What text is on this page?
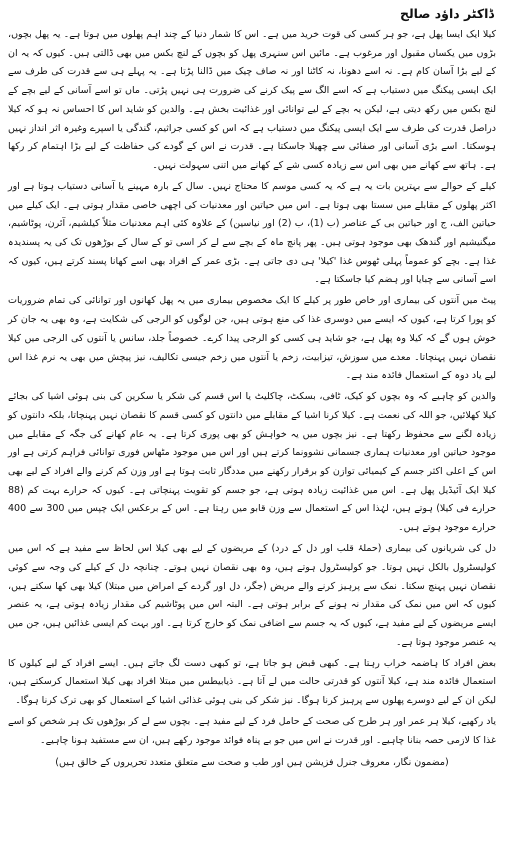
ڈاکٹر داؤد صالح

کیلا ایک ایسا پھل ہے، جو ہر کسی کی قوت خرید میں ہے۔ اس کا شمار دنیا کے چند اہم پھلوں میں ہوتا ہے۔ یہ پھل بچوں، بڑوں میں یکساں مقبول اور مرغوب ہے۔ مائیں اس سنہری پھل کو بچوں کے لنچ بکس میں بھی ڈالتی ہیں۔ کیوں کہ یہ ان کے لیے بڑا آسان کام ہے۔ نہ اسے دھونا، نہ کاٹنا اور نہ صاف چیک میں ڈالنا پڑتا ہے۔ یہ پہلے ہی سے قدرت کی طرف سے ایک ایسی پیکنگ میں دستیاب ہے کہ اسے الگ سے پیک کرنے کی ضرورت ہی نہیں پڑتی۔ ماں تو اسے آسانی کے لیے بچے کے لنچ بکس میں رکھ دیتی ہے، لیکن یہ بچے کے لیے توانائی اور غذائیت بخش ہے۔ والدین کو شاید اس کا احساس نہ ہو کہ کیلا دراصل قدرت کی طرف سے ایک ایسی پیکنگ میں دستیاب ہے کہ اس کو کسی جراثیم، گندگی یا اسپرے وغیرہ اثر انداز نہیں ہوسکتا۔ اسے بڑی آسانی اور صفائی سے چھیلا جاسکتا ہے۔ قدرت نے اس کے گودے کی حفاظت کے لیے بڑا اہتمام کر رکھا ہے۔ ہاتھ سے کھانے میں بھی اس سے زیادہ کسی شے کے کھانے میں اتنی سہولت نہیں۔

کیلے کے حوالے سے بہترین بات یہ ہے کہ یہ کسی موسم کا محتاج نہیں۔ سال کے بارہ مہینے یا آسانی دستیاب ہوتا ہے اور اکثر پھلوں کے مقابلے میں سستا بھی ہوتا ہے۔ اس میں حیاتین اور معدنیات کی اچھی خاصی مقدار ہوتی ہے۔ ایک کیلے میں حیاتین الف، ج اور حیاتین بی کے عناصر (ب (1)، ب (2) اور نیاسین) کے علاوہ کئی اہم معدنیات مثلاً کیلشیم، آئرن، پوٹاشیم، میگنیشیم اور گندھک بھی موجود ہوتی ہیں۔ پھر پانچ ماہ کے بچے سے لے کر اسی تو کے سال کے بوڑھوں تک کی یہ پسندیدہ غذا ہے۔ بچے کو عموماً پہلی ٹھوس غذا 'کیلا' ہی دی جاتی ہے۔ بڑی عمر کے افراد بھی اسے کھانا پسند کرتے ہیں، کیوں کہ اسے آسانی سے چبایا اور ہضم کیا جاسکتا ہے۔

پیٹ میں آنتوں کی بیماری اور خاص طور پر کیلے کا ایک مخصوص بیماری میں یہ پھل کھانوں اور توانائی کی تمام ضروریات کو پورا کرتا ہے، کیوں کہ ایسے میں دوسری غذا کی منع ہوتی ہیں، جن لوگوں کو الرجی کی شکایت ہے، وہ بھی یہ جان کر خوش ہوں گے کہ کیلا وہ پھل ہے، جو شاید ہی کسی کو الرجی پیدا کرے۔ خصوصاً جلد، سانس یا آنتوں کی الرجی میں کیلا نقصان نہیں پہنچاتا۔ معدے میں سوزش، تیزابیت، زخم یا آنتوں میں زخم جیسی تکالیف، نیز پیچش میں بھی یہ نرم غذا اس لیے یاد دوہ کے استعمال فائدہ مند ہے۔

والدین کو چاہیے کہ وہ بچوں کو کیک، ٹافی، بسکٹ، چاکلیٹ یا اس قسم کی شکر یا سکرین کی بنی ہوئی اشیا کی بجائے کیلا کھلائیں، جو اللہ کی نعمت ہے۔ کیلا کرنا اشیا کے مقابلے میں دانتوں کو کسی قسم کا نقصان نہیں پہنچاتا، بلکہ دانتوں کو زیادہ لگنے سے محفوظ رکھتا ہے۔ نیز بچوں میں یہ خواہش کو بھی پوری کرتا ہے۔ یہ عام کھانے کی جگہ کے مقابلے میں موجود حیاتین اور معدنیات ہماری جسمانی نشوونما کرتے ہیں اور اس میں موجود مٹھاس فوری توانائی فراہم کرتی ہے اور اس کے اعلی اکثر جسم کے کیمیائی توازن کو برقرار رکھنے میں مددگار ثابت ہوتا ہے اور وزن کم کرنے والے افراد کے لیے بھی کیلا ایک آئیڈیل پھل ہے۔ اس میں غذائیت زیادہ ہوتی ہے، جو جسم کو تقویت پہنچاتی ہے۔ کیوں کہ حرارے بہت کم (88 حرارے فی کیلا) ہوتے ہیں، لہٰذا اس کے استعمال سے وزن قابو میں رہتا ہے۔ اس کے برعکس ایک چپس میں 300 سے 400 حرارے موجود ہوتے ہیں۔

دل کی شریانوں کی بیماری (حملۂ قلب اور دل کے درد) کے مریضوں کے لیے بھی کیلا اس لحاظ سے مفید ہے کہ اس میں کولیسٹرول بالکل نہیں ہوتا۔ جو کولیسٹرول ہوتے ہیں، وہ بھی نقصان نہیں ہوتے۔ چنانچہ دل کے کیلے کی وجہ سے کوئی نقصان نہیں پہنچ سکتا۔ نمک سے پرہیز کرنے والے مریض (جگر، دل اور گردے کے امراض میں مبتلا) کیلا بھی کھا سکتے ہیں، کیوں کہ اس میں نمک کی مقدار نہ ہونے کے برابر ہوتی ہے۔ البتہ اس میں پوٹاشیم کی مقدار زیادہ ہوتی ہے، یہ عنصر ایسے مریضوں کے لیے مفید ہے، کیوں کہ یہ جسم سے اضافی نمک کو خارج کرتا ہے۔ اور بہت کم ایسی غذائیں ہیں، جن میں یہ عنصر موجود ہوتا ہے۔

بعض افراد کا ہاضمہ خراب رہتا ہے۔ کبھی قبض ہو جاتا ہے، تو کبھی دست لگ جاتے ہیں۔ ایسے افراد کے لیے کیلوں کا استعمال فائدہ مند ہے، کیلا آنتوں کو قدرتی حالت میں لے آتا ہے۔ ذیابیطس میں مبتلا افراد بھی کیلا استعمال کرسکتے ہیں، لیکن ان کے لیے دوسرے پھلوں سے پرہیز کرنا ہوگا۔ نیز شکر کی بنی ہوئی غذائی اشیا کے استعمال کو بھی ترک کرنا ہوگا۔

یاد رکھیے، کیلا ہر عمر اور ہر طرح کی صحت کے حامل فرد کے لیے مفید ہے۔ بچوں سے لے کر بوڑھوں تک ہر شخص کو اسے غذا کا لازمی حصہ بنانا چاہیے۔ اور قدرت نے اس میں جو بے پناہ فوائد موجود رکھے ہیں، ان سے مستفید ہونا چاہیے۔

(مضمون نگار، معروف جنرل فزیشن ہیں اور طب و صحت سے متعلق متعدد تحریروں کے خالق ہیں)
